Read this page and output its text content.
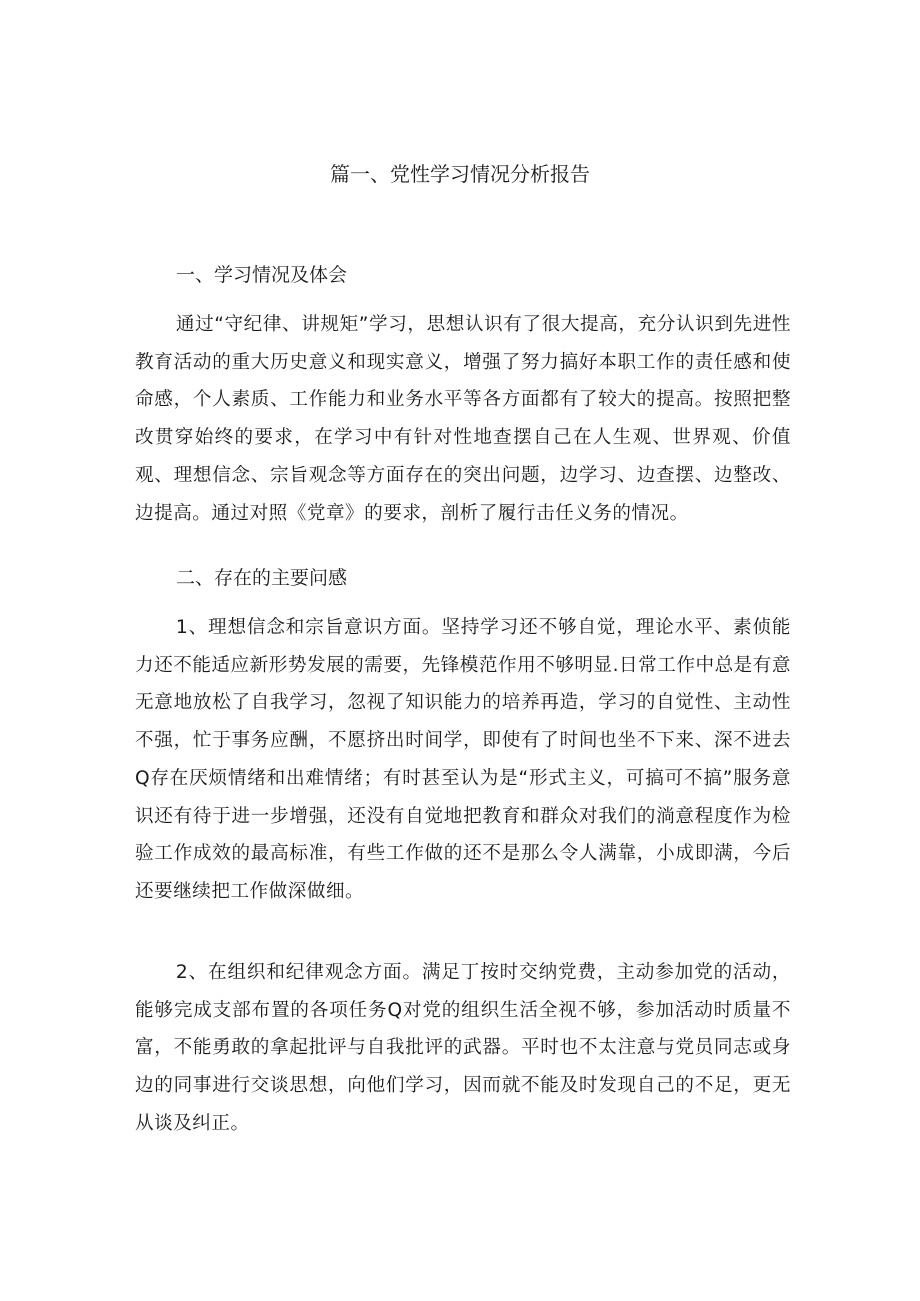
篇一、党性学习情况分析报告
一、学习情况及体会

通过“守纪律、讲规矩”学习，思想认识有了很大提高，充分认识到先进性教育活动的重大历史意义和现实意义，增强了努力搞好本职工作的责任感和使命感，个人素质、工作能力和业务水平等各方面都有了较大的提高。按照把整改贯穿始终的要求，在学习中有针对性地查摆自己在人生观、世界观、价值观、理想信念、宗旨观念等方面存在的突出问题，边学习、边查摆、边整改、边提高。通过对照《党章》的要求，剖析了履行击任义务的情况。

二、存在的主要问感

1、理想信念和宗旨意识方面。坚持学习还不够自觉，理论水平、素侦能力还不能适应新形势发展的需要，先锋模范作用不够明显.日常工作中总是有意无意地放松了自我学习，忽视了知识能力的培养再造，学习的自觉性、主动性不强，忙于事务应酬，不愿挤出时间学，即使有了时间也坐不下来、深不进去Q存在厌烦情绪和出难情绪；有时甚至认为是“形式主义，可搞可不搞”服务意识还有待于进一步增强，还没有自觉地把教育和群众对我们的淌意程度作为检验工作成效的最高标准，有些工作做的还不是那么令人满靠，小成即满，今后还要继续把工作做深做细。

2、在组织和纪律观念方面。满足丁按时交纳党费，主动参加党的活动，能够完成支部布置的各项任务Q对党的组织生活全视不够，参加活动时质量不富，不能勇敢的拿起批评与自我批评的武器。平时也不太注意与党员同志或身边的同事进行交谈思想，向他们学习，因而就不能及时发现自己的不足，更无从谈及纠正。
